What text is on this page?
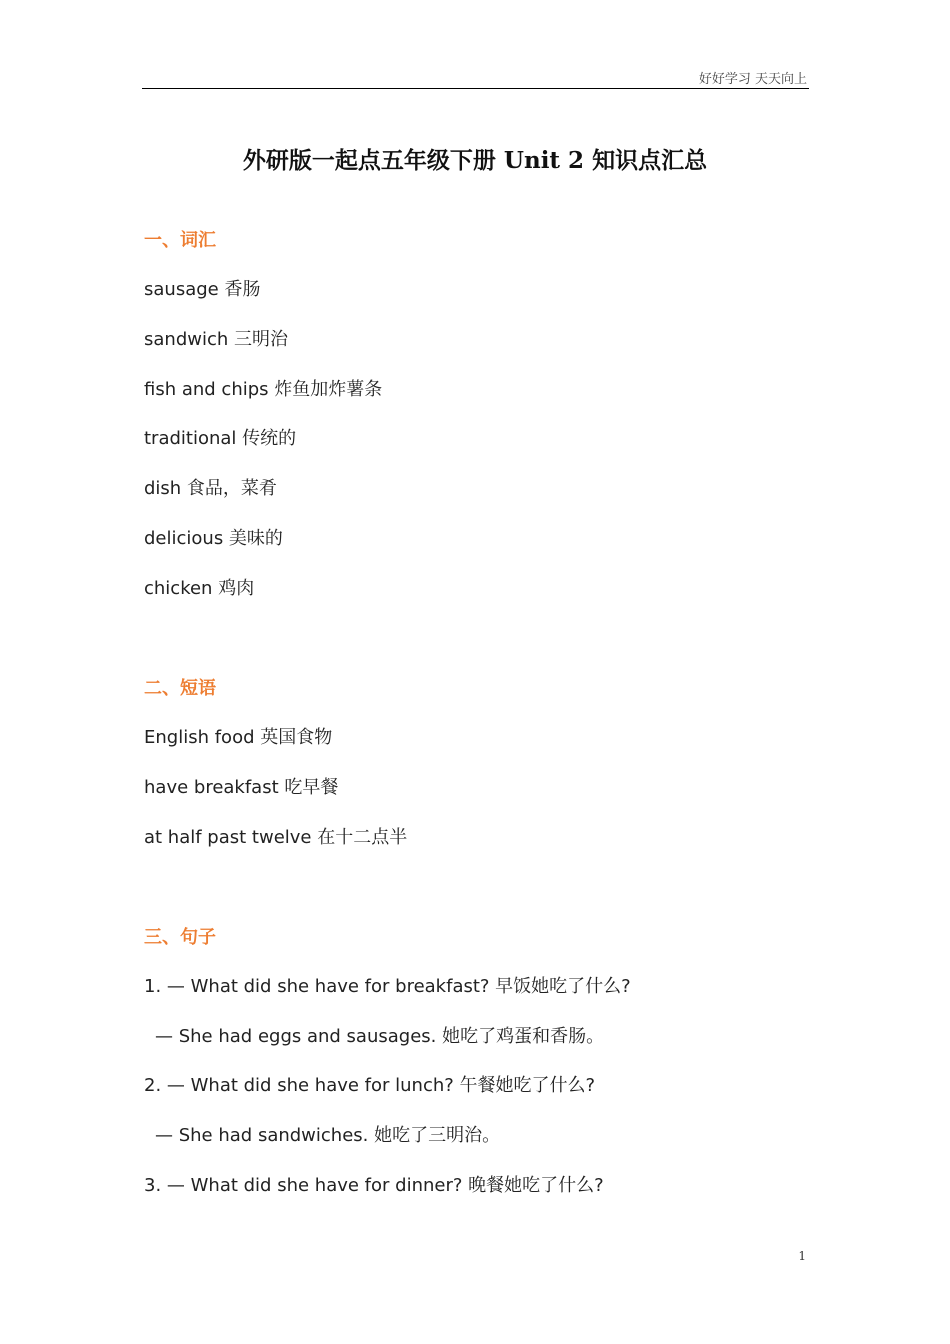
好好学习 天天向上
外研版一起点五年级下册 Unit 2 知识点汇总
一、词汇
sausage 香肠
sandwich 三明治
fish and chips 炸鱼加炸薯条
traditional 传统的
dish 食品，菜肴
delicious 美味的
chicken 鸡肉
二、短语
English food 英国食物
have breakfast 吃早餐
at half past twelve 在十二点半
三、句子
1. — What did she have for breakfast? 早饭她吃了什么?
— She had eggs and sausages. 她吃了鸡蛋和香肠。
2. — What did she have for lunch? 午餐她吃了什么?
— She had sandwiches. 她吃了三明治。
3. — What did she have for dinner? 晚餐她吃了什么?
1
